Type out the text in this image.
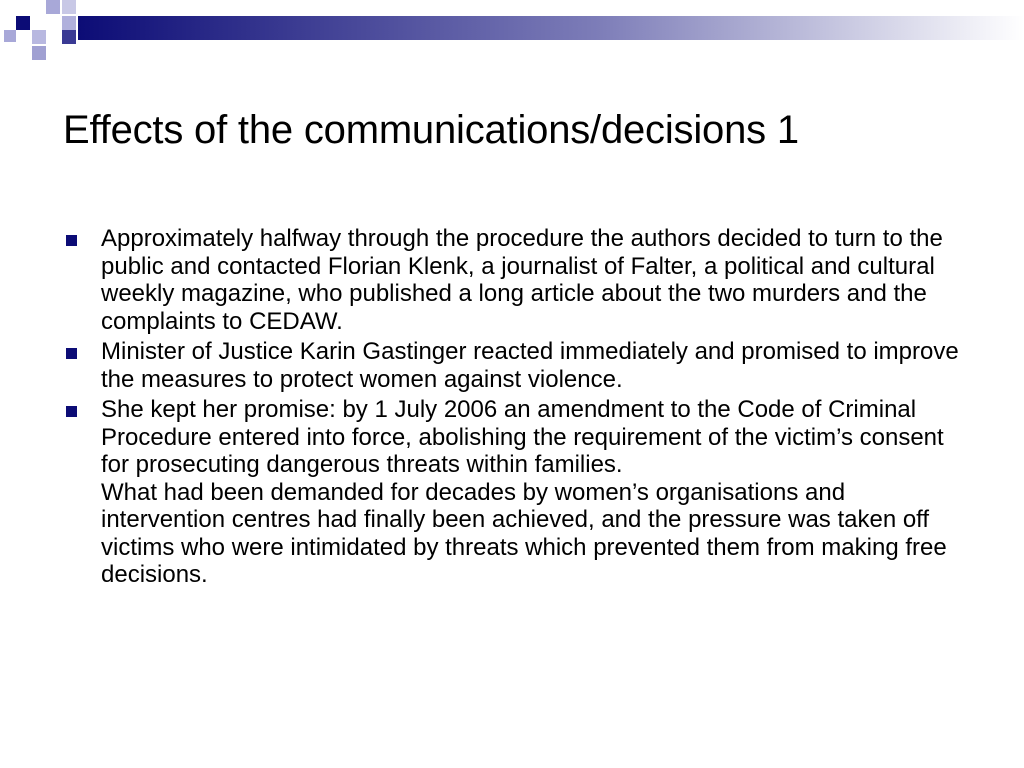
Effects of the communications/decisions 1
Approximately halfway through the procedure the authors decided to turn to the public and contacted Florian Klenk, a journalist of Falter, a political and cultural weekly magazine, who published a long article about the two murders and the complaints to CEDAW.
Minister of Justice Karin Gastinger reacted immediately and promised to improve the measures to protect women against violence.
She kept her promise: by 1 July 2006 an amendment to the Code of Criminal Procedure entered into force, abolishing the requirement of the victim’s consent for prosecuting dangerous threats within families.
What had been demanded for decades by women’s organisations and intervention centres had finally been achieved, and the pressure was taken off victims who were intimidated by threats which prevented them from making free decisions.
